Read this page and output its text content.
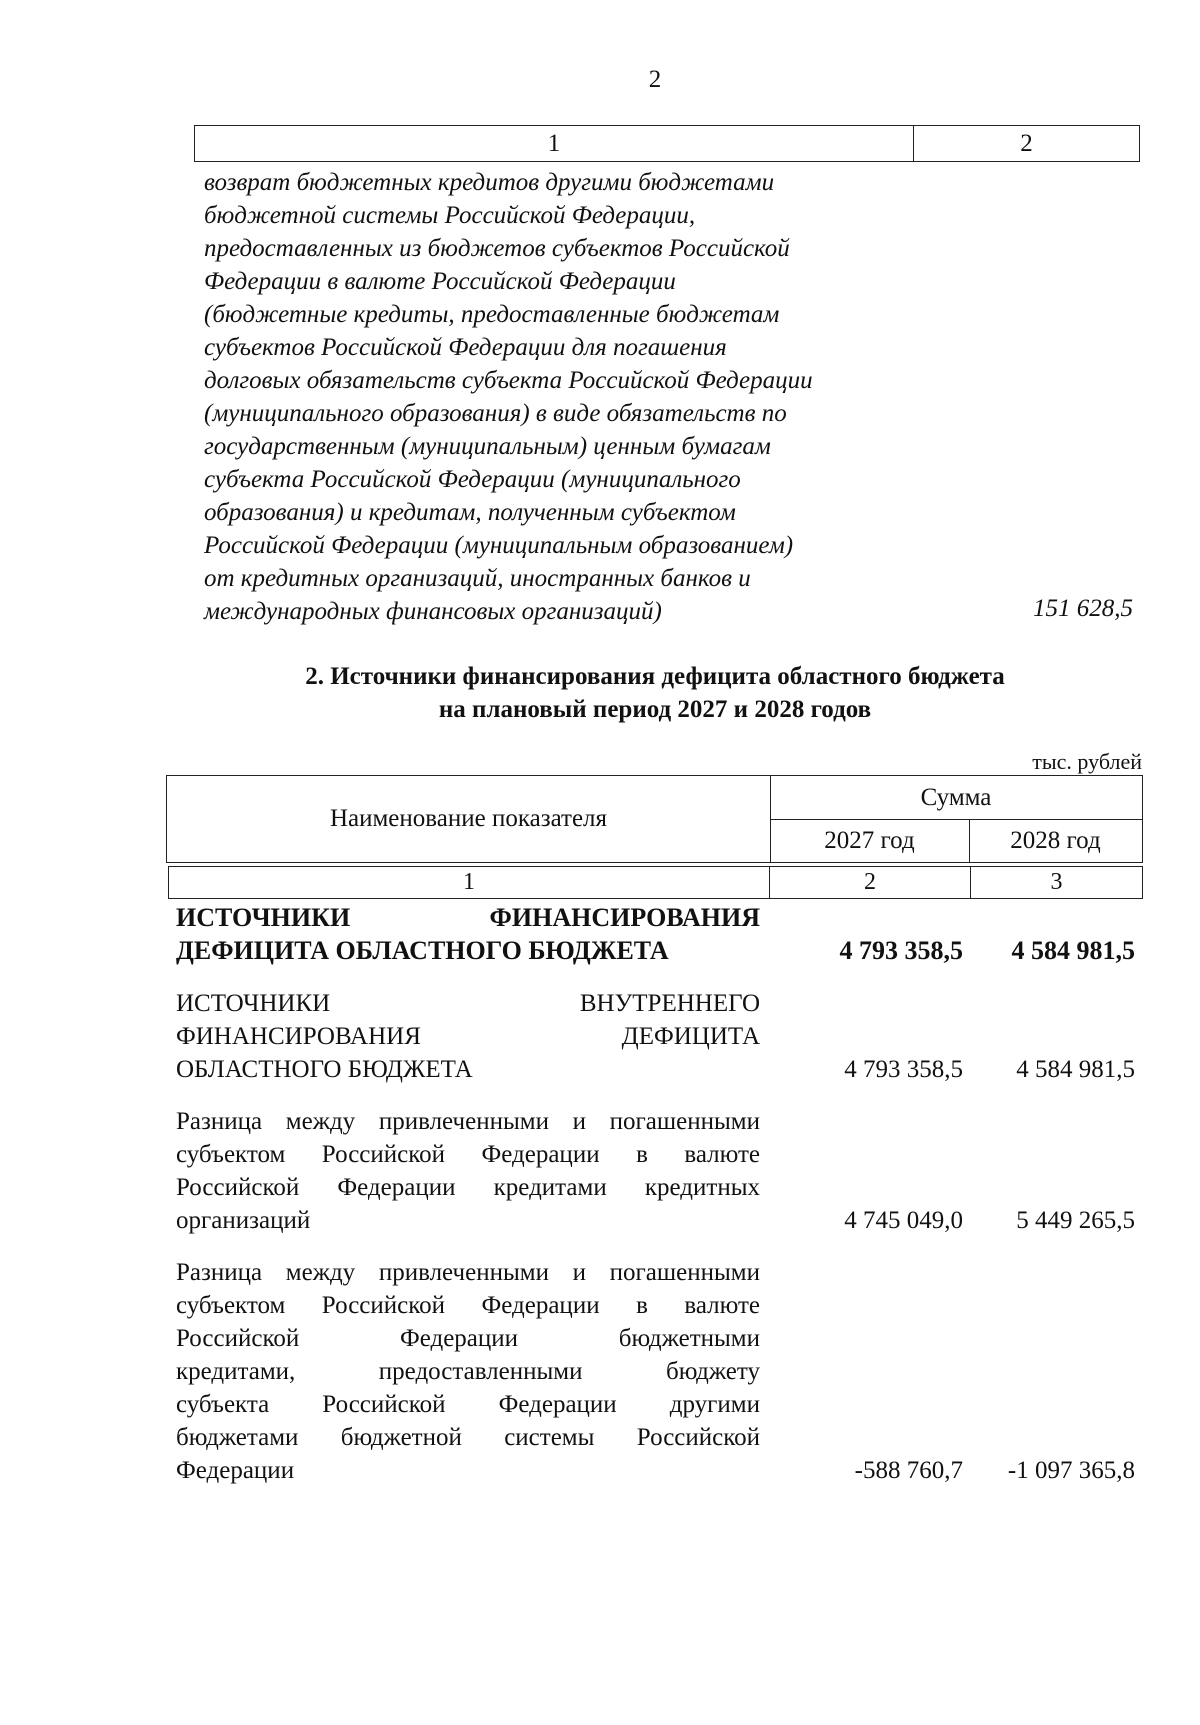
2
1	2
возврат бюджетных кредитов другими бюджетами
бюджетной системы Российской Федерации,
предоставленных из бюджетов субъектов Российской
Федерации в валюте Российской Федерации
(бюджетные кредиты, предоставленные бюджетам
субъектов Российской Федерации для погашения
долговых обязательств субъекта Российской Федерации
(муниципального образования) в виде обязательств по
государственным (муниципальным) ценным бумагам
субъекта Российской Федерации (муниципального
образования) и кредитам, полученным субъектом
Российской Федерации (муниципальным образованием)
от кредитных организаций, иностранных банков и
международных финансовых организаций)	151 628,5
2. Источники финансирования дефицита областного бюджета
на плановый период 2027 и 2028 годов
тыс. рублей
Наименование показателя
Сумма
2027 год	2028 год
1	2	3
ИСТОЧНИКИ ФИНАНСИРОВАНИЯ
ДЕФИЦИТА ОБЛАСТНОГО БЮДЖЕТА	4 793 358,5	4 584 981,5
ИСТОЧНИКИ ВНУТРЕННЕГО
ФИНАНСИРОВАНИЯ ДЕФИЦИТА
ОБЛАСТНОГО БЮДЖЕТА	4 793 358,5	4 584 981,5
Разница между привлеченными и погашенными
субъектом Российской Федерации в валюте
Российской Федерации кредитами кредитных
организаций	4 745 049,0	5 449 265,5
Разница между привлеченными и погашенными
субъектом Российской Федерации в валюте
Российской Федерации бюджетными
кредитами, предоставленными бюджету
субъекта Российской Федерации другими
бюджетами бюджетной системы Российской
Федерации	-588 760,7	-1 097 365,8
